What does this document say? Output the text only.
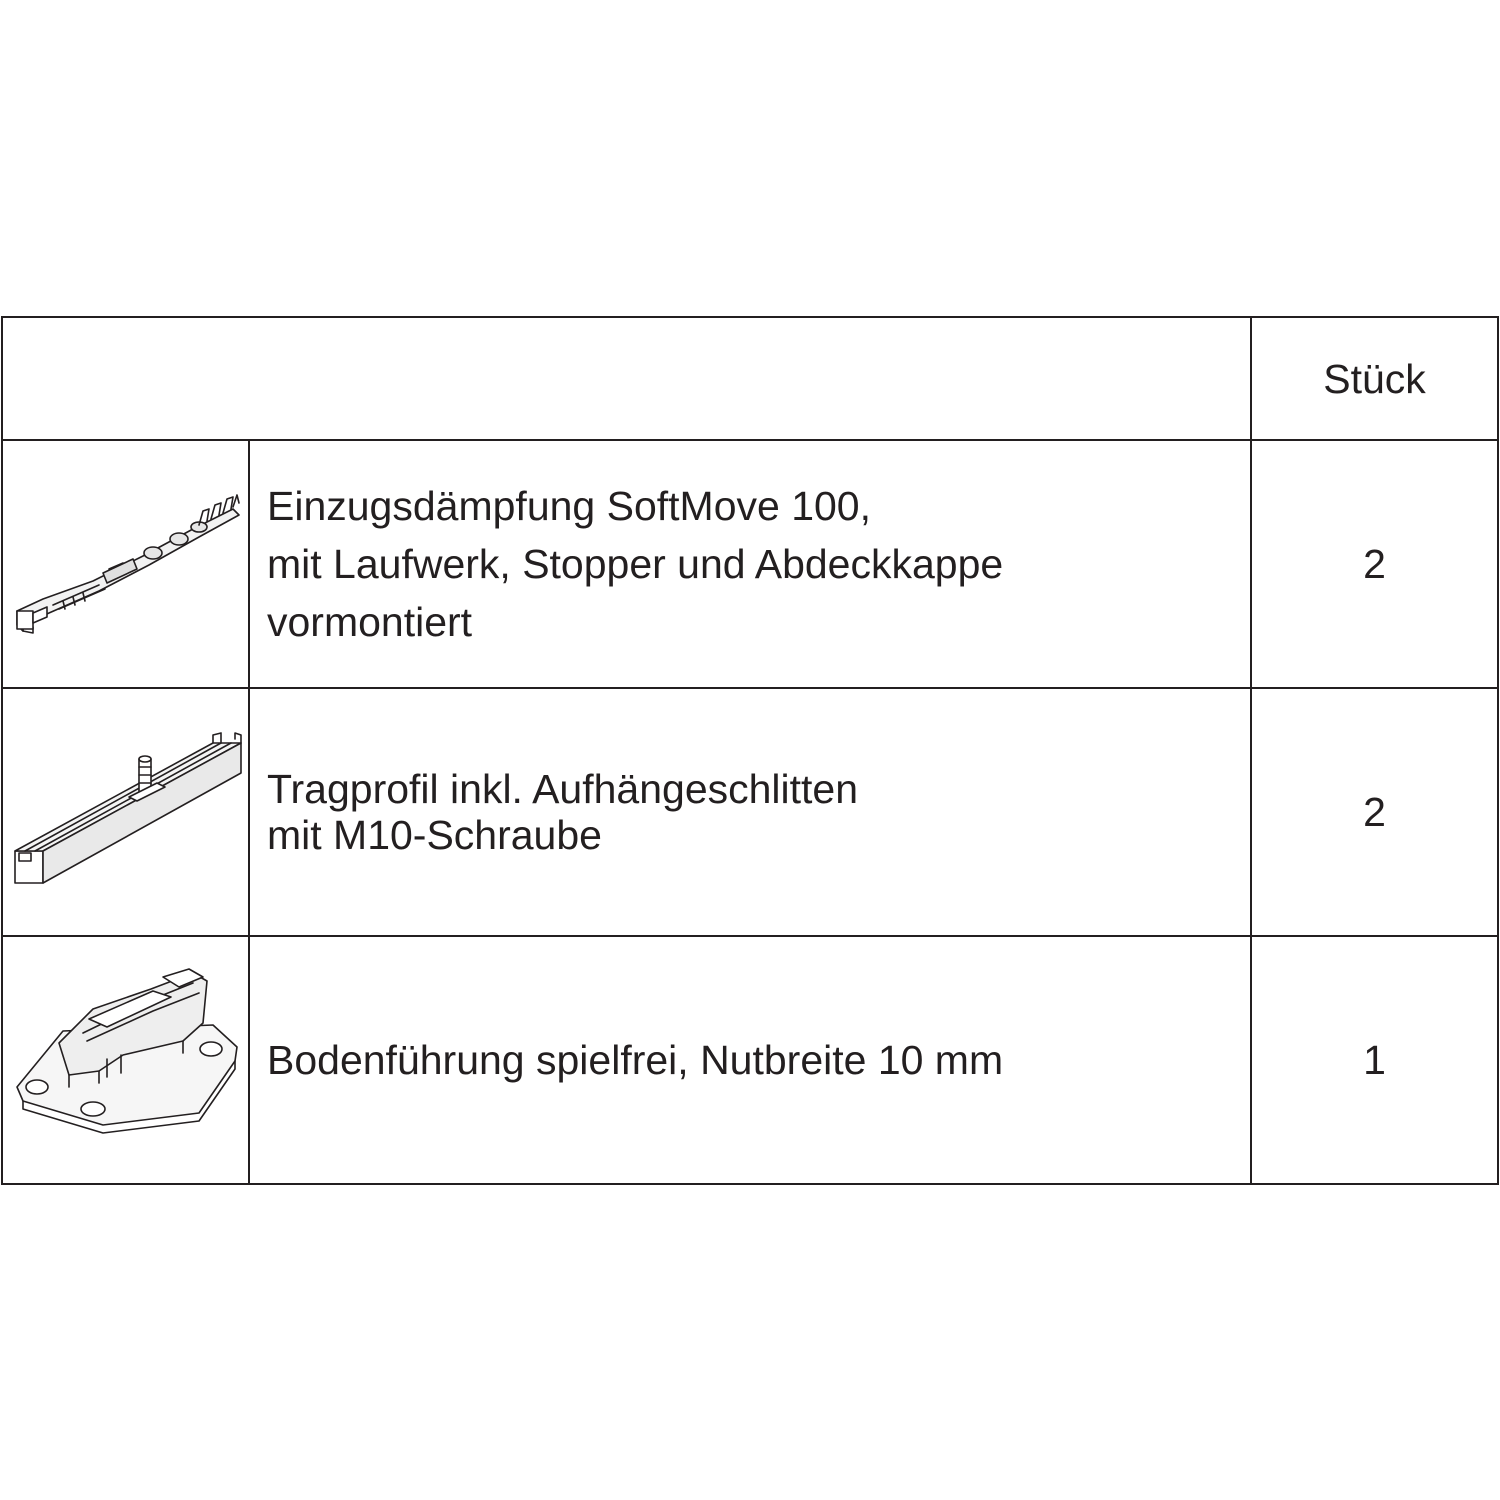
Stück
Einzugsdämpfung SoftMove 100,
mit Laufwerk, Stopper und Abdeckkappe
vormontiert
2
Tragprofil inkl. Aufhängeschlitten
mit M10-Schraube
2
Bodenführung spielfrei, Nutbreite 10 mm	1
